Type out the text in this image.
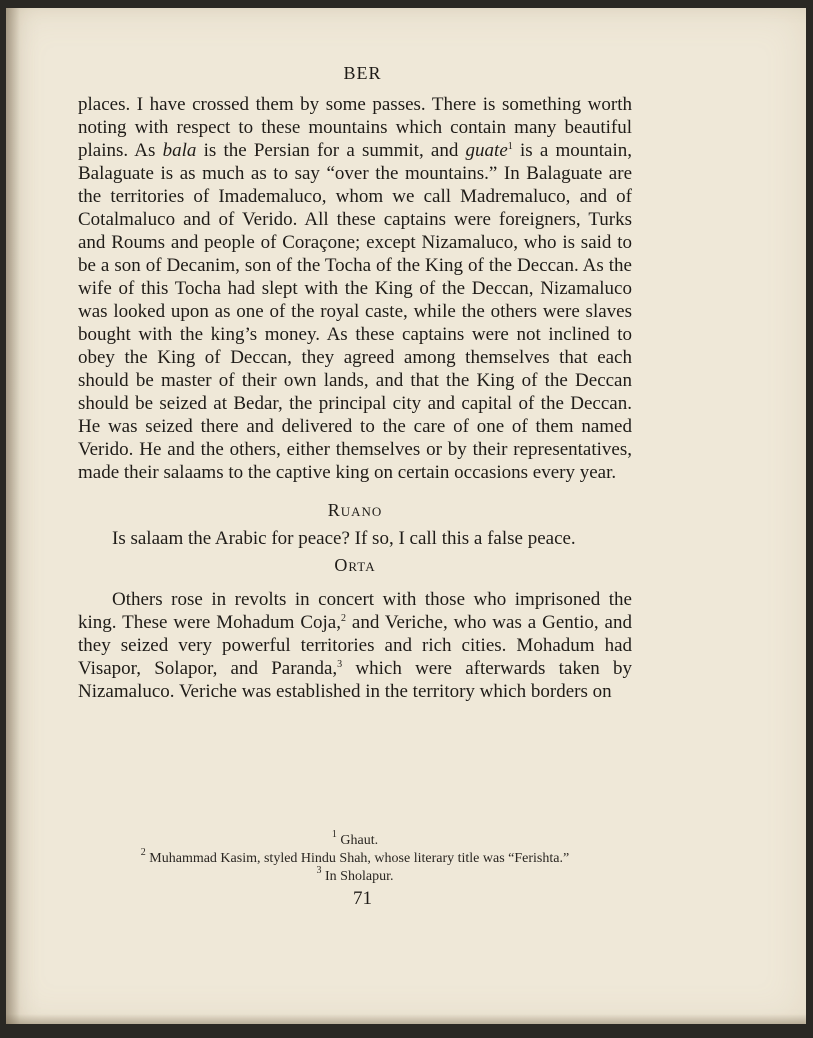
BER

places. I have crossed them by some passes. There is something worth noting with respect to these mountains which contain many beautiful plains. As bala is the Persian for a summit, and guate$^1$ is a mountain, Balaguate is as much as to say “over the mountains.” In Balaguate are the territories of Imademaluco, whom we call Madremaluco, and of Cotalmaluco and of Verido. All these captains were foreigners, Turks and Roums and people of Coraçone; except Nizamaluco, who is said to be a son of Decanim, son of the Tocha of the King of the Deccan. As the wife of this Tocha had slept with the King of the Deccan, Nizamaluco was looked upon as one of the royal caste, while the others were slaves bought with the king’s money. As these captains were not inclined to obey the King of Deccan, they agreed among themselves that each should be master of their own lands, and that the King of the Deccan should be seized at Bedar, the principal city and capital of the Deccan. He was seized there and delivered to the care of one of them named Verido. He and the others, either themselves or by their representatives, made their salaams to the captive king on certain occasions every year.

Ruano

Is salaam the Arabic for peace? If so, I call this a false peace.

Orta

Others rose in revolts in concert with those who imprisoned the king. These were Mohadum Coja,$^2$ and Veriche, who was a Gentio, and they seized very powerful territories and rich cities. Mohadum had Visapor, Solapor, and Paranda,$^3$ which were afterwards taken by Nizamaluco. Veriche was established in the territory which borders on

$^1$ Ghaut.
$^2$ Muhammad Kasim, styled Hindu Shah, whose literary title was “Ferishta.”
$^3$ In Sholapur.
71
